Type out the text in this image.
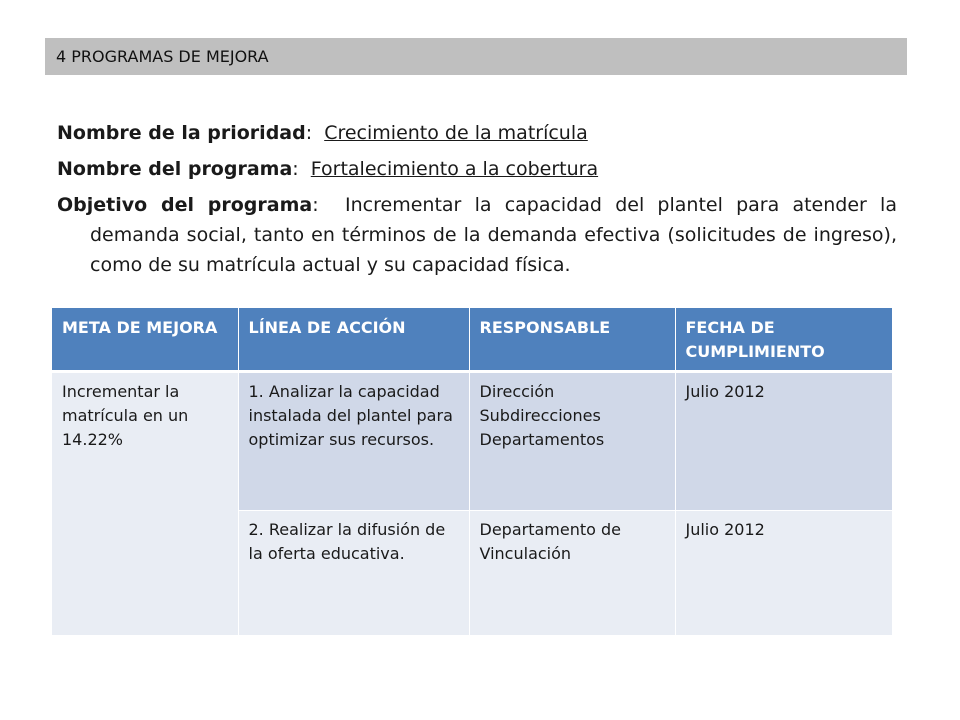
4 PROGRAMAS DE MEJORA

Nombre de la prioridad:  Crecimiento de la matrícula

Nombre del programa:  Fortalecimiento a la cobertura

Objetivo del programa:  Incrementar la capacidad del plantel para atender la demanda social, tanto en términos de la demanda efectiva (solicitudes de ingreso), como de su matrícula actual y su capacidad física.

META DE MEJORA	LÍNEA DE ACCIÓN	RESPONSABLE	FECHA DE CUMPLIMIENTO
Incrementar la matrícula en un 14.22%	1. Analizar la capacidad instalada del plantel para optimizar sus recursos.	Dirección
Subdirecciones
Departamentos	Julio 2012
	2. Realizar la difusión de la oferta educativa.	Departamento de Vinculación	Julio 2012
